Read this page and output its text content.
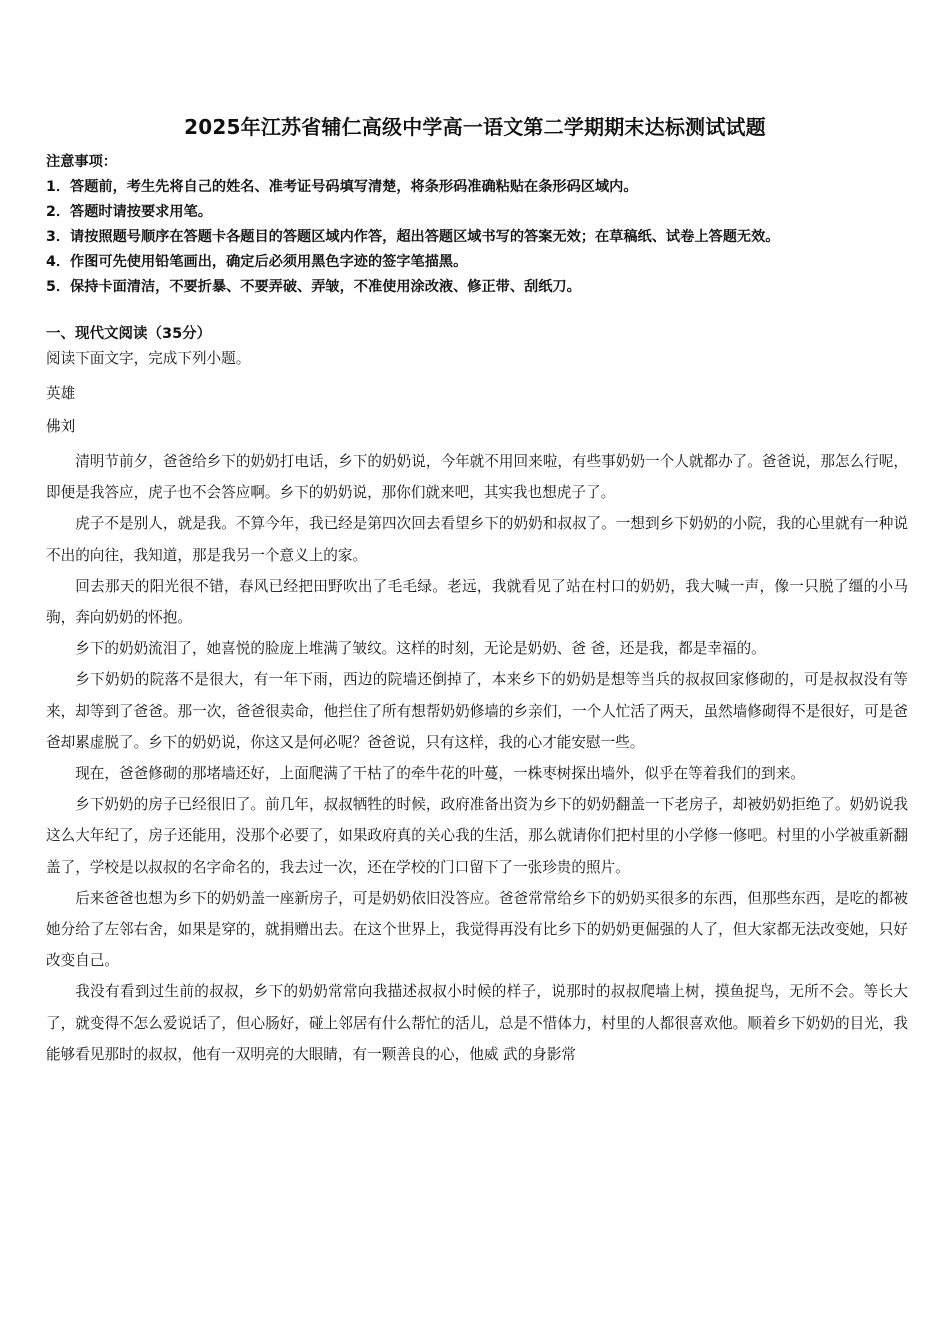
2025年江苏省辅仁高级中学高一语文第二学期期末达标测试试题
注意事项：
1．答题前，考生先将自己的姓名、准考证号码填写清楚，将条形码准确粘贴在条形码区域内。
2．答题时请按要求用笔。
3．请按照题号顺序在答题卡各题目的答题区域内作答，超出答题区域书写的答案无效；在草稿纸、试卷上答题无效。
4．作图可先使用铅笔画出，确定后必须用黑色字迹的签字笔描黑。
5．保持卡面清洁，不要折暴、不要弄破、弄皱，不准使用涂改液、修正带、刮纸刀。
一、现代文阅读（35分）
阅读下面文字，完成下列小题。
英雄
佛刘

清明节前夕，爸爸给乡下的奶奶打电话，乡下的奶奶说，今年就不用回来啦，有些事奶奶一个人就都办了。爸爸说，那怎么行呢，即便是我答应，虎子也不会答应啊。乡下的奶奶说，那你们就来吧，其实我也想虎子了。

虎子不是别人，就是我。不算今年，我已经是第四次回去看望乡下的奶奶和叔叔了。一想到乡下奶奶的小院，我的心里就有一种说不出的向往，我知道，那是我另一个意义上的家。

回去那天的阳光很不错，春风已经把田野吹出了毛毛绿。老远，我就看见了站在村口的奶奶，我大喊一声，像一只脱了缰的小马驹，奔向奶奶的怀抱。

乡下的奶奶流泪了，她喜悦的脸庞上堆满了皱纹。这样的时刻，无论是奶奶、爸 爸，还是我，都是幸福的。

乡下奶奶的院落不是很大，有一年下雨，西边的院墙还倒掉了，本来乡下的奶奶是想等当兵的叔叔回家修砌的，可是叔叔没有等来，却等到了爸爸。那一次，爸爸很卖命，他拦住了所有想帮奶奶修墙的乡亲们，一个人忙活了两天，虽然墙修砌得不是很好，可是爸爸却累虚脱了。乡下的奶奶说，你这又是何必呢？爸爸说，只有这样，我的心才能安慰一些。

现在，爸爸修砌的那堵墙还好，上面爬满了干枯了的牵牛花的叶蔓，一株枣树探出墙外，似乎在等着我们的到来。

乡下奶奶的房子已经很旧了。前几年，叔叔牺牲的时候，政府准备出资为乡下的奶奶翻盖一下老房子，却被奶奶拒绝了。奶奶说我这么大年纪了，房子还能用，没那个必要了，如果政府真的关心我的生活，那么就请你们把村里的小学修一修吧。村里的小学被重新翻盖了，学校是以叔叔的名字命名的，我去过一次，还在学校的门口留下了一张珍贵的照片。

后来爸爸也想为乡下的奶奶盖一座新房子，可是奶奶依旧没答应。爸爸常常给乡下的奶奶买很多的东西，但那些东西，是吃的都被她分给了左邻右舍，如果是穿的，就捐赠出去。在这个世界上，我觉得再没有比乡下的奶奶更倔强的人了，但大家都无法改变她，只好改变自己。

我没有看到过生前的叔叔，乡下的奶奶常常向我描述叔叔小时候的样子，说那时的叔叔爬墙上树，摸鱼捉鸟，无所不会。等长大了，就变得不怎么爱说话了，但心肠好，碰上邻居有什么帮忙的活儿，总是不惜体力，村里的人都很喜欢他。顺着乡下奶奶的目光，我能够看见那时的叔叔，他有一双明亮的大眼睛，有一颗善良的心，他威 武的身影常
